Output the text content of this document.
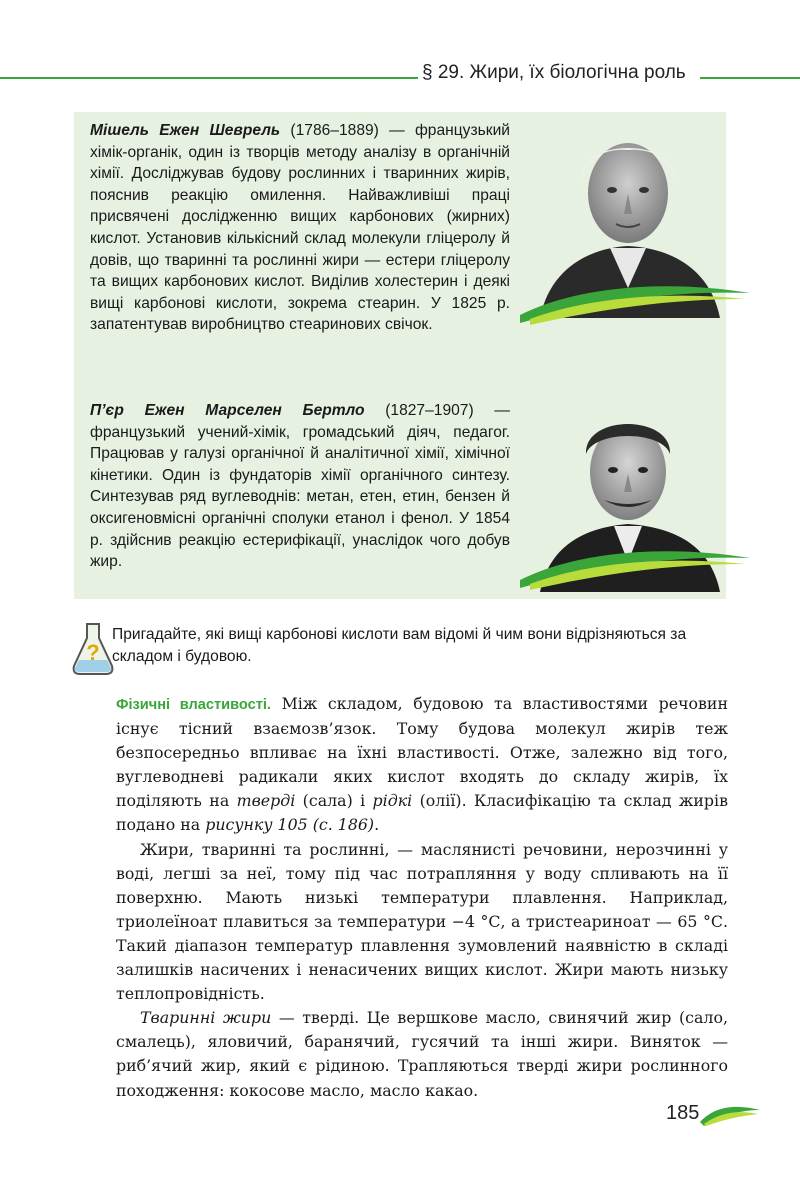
§ 29. Жири, їх біологічна роль
Мішель Ежен Шеврель (1786–1889) — французький хімік-органік, один із творців методу аналізу в органічній хімії. Досліджував будову рослинних і тваринних жирів, пояснив реакцію омилення. Найважливіші праці присвячені дослідженню вищих карбонових (жирних) кислот. Установив кількісний склад молекули гліцеролу й довів, що тваринні та рослинні жири — естери гліцеролу та вищих карбонових кислот. Виділив холестерин і деякі вищі карбонові кислоти, зокрема стеарин. У 1825 р. запатентував виробництво стеаринових свічок.
П’єр Ежен Марселен Бертло (1827–1907) — французький учений-хімік, громадський діяч, педагог. Працював у галузі органічної й аналітичної хімії, хімічної кінетики. Один із фундаторів хімії органічного синтезу. Синтезував ряд вуглеводнів: метан, етен, етин, бензен й оксигеновмісні органічні сполуки етанол і фенол. У 1854 р. здійснив реакцію естерифікації, унаслідок чого добув жир.
?
Пригадайте, які вищі карбонові кислоти вам відомі й чим вони відрізняються за складом і будовою.

Фізичні властивості. Між складом, будовою та властивостями речовин існує тісний взаємозв’язок. Тому будова молекул жирів теж безпосередньо впливає на їхні властивості. Отже, залежно від того, вуглеводневі радикали яких кислот входять до складу жирів, їх поділяють на тверді (сала) і рідкі (олії). Класифікацію та склад жирів подано на рисунку 105 (с. 186).

Жири, тваринні та рослинні, — маслянисті речовини, нерозчинні у воді, легші за неї, тому під час потрапляння у воду спливають на її поверхню. Мають низькі температури плавлення. Наприклад, триолеїноат плавиться за температури −4 °С, а тристеариноат — 65 °С. Такий діапазон температур плавлення зумовлений наявністю в складі залишків насичених і ненасичених вищих кислот. Жири мають низьку теплопровідність.

Тваринні жири — тверді. Це вершкове масло, свинячий жир (сало, смалець), яловичий, баранячий, гусячий та інші жири. Виняток — риб’ячий жир, який є рідиною. Трапляються тверді жири рослинного походження: кокосове масло, масло какао.

185
